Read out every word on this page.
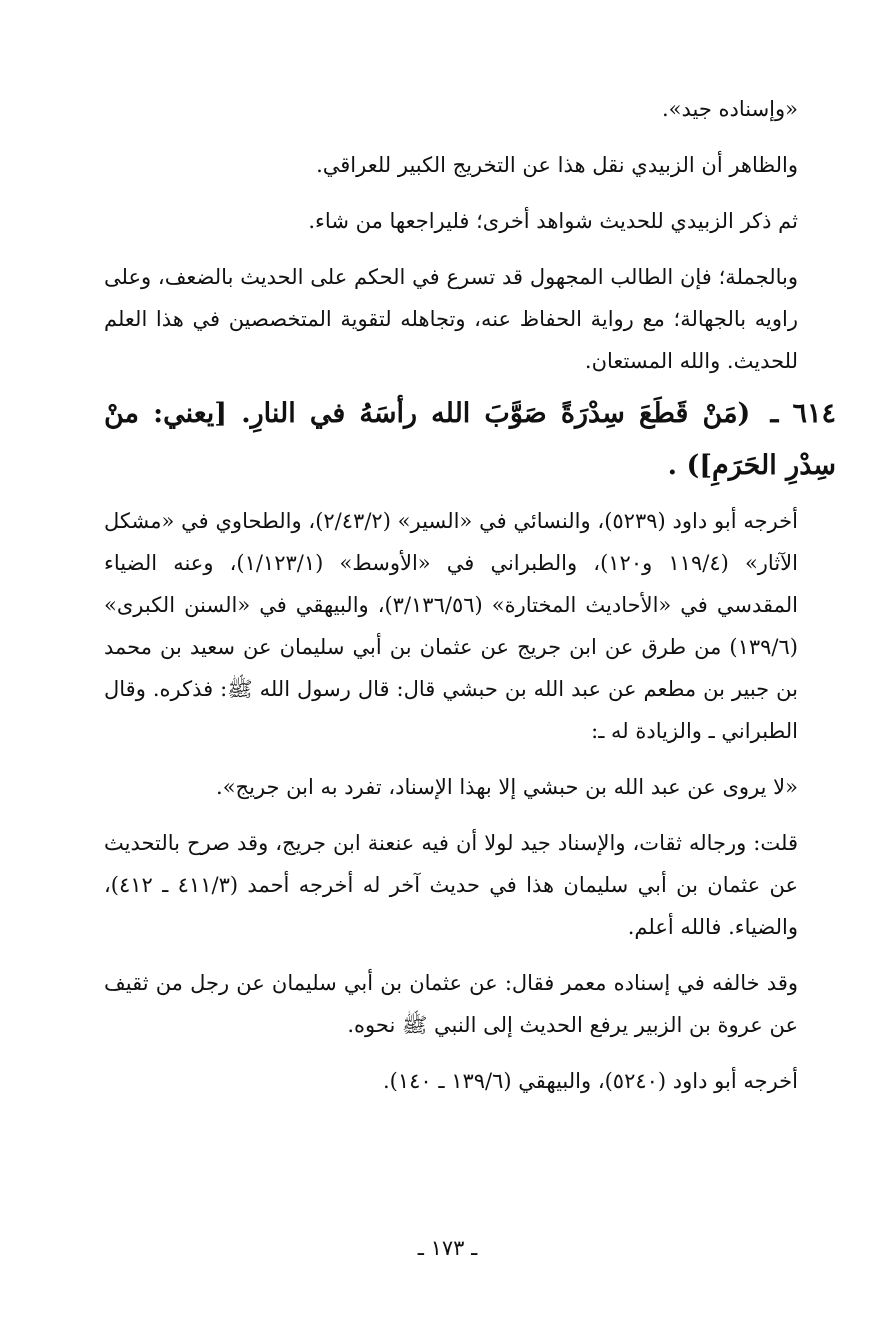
«وإسناده جيد».

والظاهر أن الزبيدي نقل هذا عن التخريج الكبير للعراقي.

ثم ذكر الزبيدي للحديث شواهد أخرى؛ فليراجعها من شاء.

وبالجملة؛ فإن الطالب المجهول قد تسرع في الحكم على الحديث بالضعف، وعلى راويه بالجهالة؛ مع رواية الحفاظ عنه، وتجاهله لتقوية المتخصصين في هذا العلم للحديث. والله المستعان.

٦١٤ ـ (مَنْ قَطَعَ سِدْرَةً صَوَّبَ الله رأسَهُ في النارِ. [يعني: منْ سِدْرِ الحَرَمِ]) .

أخرجه أبو داود (٥٢٣٩)، والنسائي في «السير» (٢/٤٣/٢)، والطحاوي في «مشكل الآثار» (١١٩/٤ و١٢٠)، والطبراني في «الأوسط» (١/١٢٣/١)، وعنه الضياء المقدسي في «الأحاديث المختارة» (٣/١٣٦/٥٦)، والبيهقي في «السنن الكبرى» (١٣٩/٦) من طرق عن ابن جريج عن عثمان بن أبي سليمان عن سعيد بن محمد بن جبير بن مطعم عن عبد الله بن حبشي قال: قال رسول الله ﷺ: فذكره. وقال الطبراني ـ والزيادة له ـ:

«لا يروى عن عبد الله بن حبشي إلا بهذا الإسناد، تفرد به ابن جريج».

قلت: ورجاله ثقات، والإسناد جيد لولا أن فيه عنعنة ابن جريج، وقد صرح بالتحديث عن عثمان بن أبي سليمان هذا في حديث آخر له أخرجه أحمد (٤١١/٣ ـ ٤١٢)، والضياء. فالله أعلم.

وقد خالفه في إسناده معمر فقال: عن عثمان بن أبي سليمان عن رجل من ثقيف عن عروة بن الزبير يرفع الحديث إلى النبي ﷺ نحوه.

أخرجه أبو داود (٥٢٤٠)، والبيهقي (١٣٩/٦ ـ ١٤٠).

ـ ١٧٣ ـ
